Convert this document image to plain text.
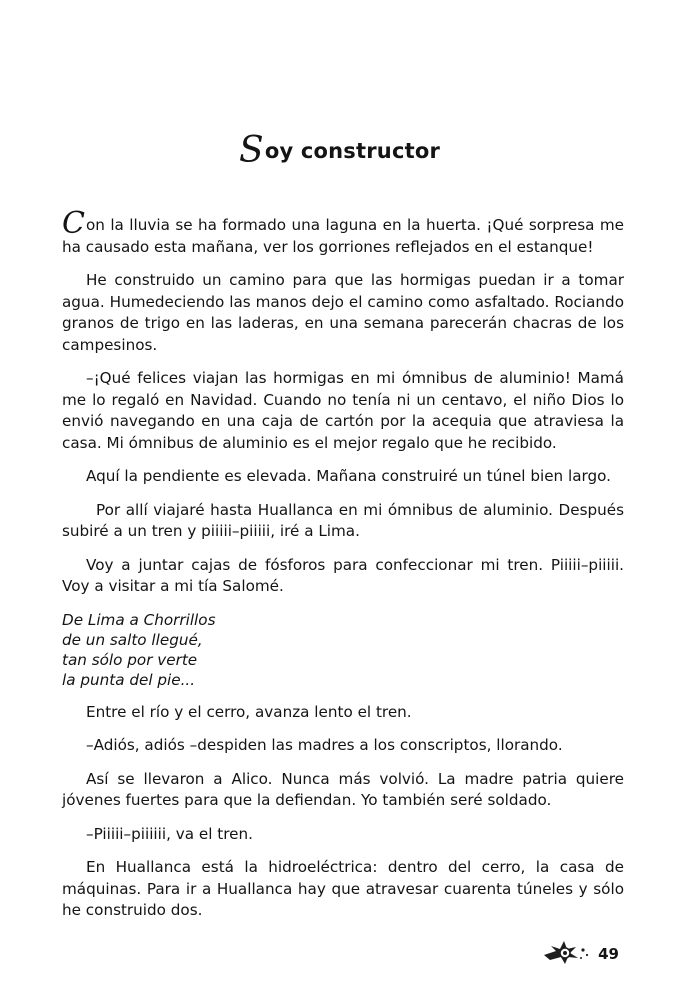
Soy constructor

Con la lluvia se ha formado una laguna en la huerta. ¡Qué sorpresa me ha causado esta mañana, ver los gorriones reflejados en el estanque!

He construido un camino para que las hormigas puedan ir a tomar agua. Humedeciendo las manos dejo el camino como asfaltado. Rociando granos de trigo en las laderas, en una semana parecerán chacras de los campesinos.

–¡Qué felices viajan las hormigas en mi ómnibus de aluminio! Mamá me lo regaló en Navidad. Cuando no tenía ni un centavo, el niño Dios lo envió navegando en una caja de cartón por la acequia que atraviesa la casa. Mi ómnibus de aluminio es el mejor regalo que he recibido.

Aquí la pendiente es elevada. Mañana construiré un túnel bien largo.

Por allí viajaré hasta Huallanca en mi ómnibus de aluminio. Después subiré a un tren y piiiii–piiiii, iré a Lima.

Voy a juntar cajas de fósforos para confeccionar mi tren. Piiiii–piiiii. Voy a visitar a mi tía Salomé.

De Lima a Chorrillos
de un salto llegué,
tan sólo por verte
la punta del pie...

Entre el río y el cerro, avanza lento el tren.

–Adiós, adiós –despiden las madres a los conscriptos, llorando.

Así se llevaron a Alico. Nunca más volvió. La madre patria quiere jóvenes fuertes para que la defiendan. Yo también seré soldado.

–Piiiii–piiiiii, va el tren.

En Huallanca está la hidroeléctrica: dentro del cerro, la casa de máquinas. Para ir a Huallanca hay que atravesar cuarenta túneles y sólo he construido dos.

49
